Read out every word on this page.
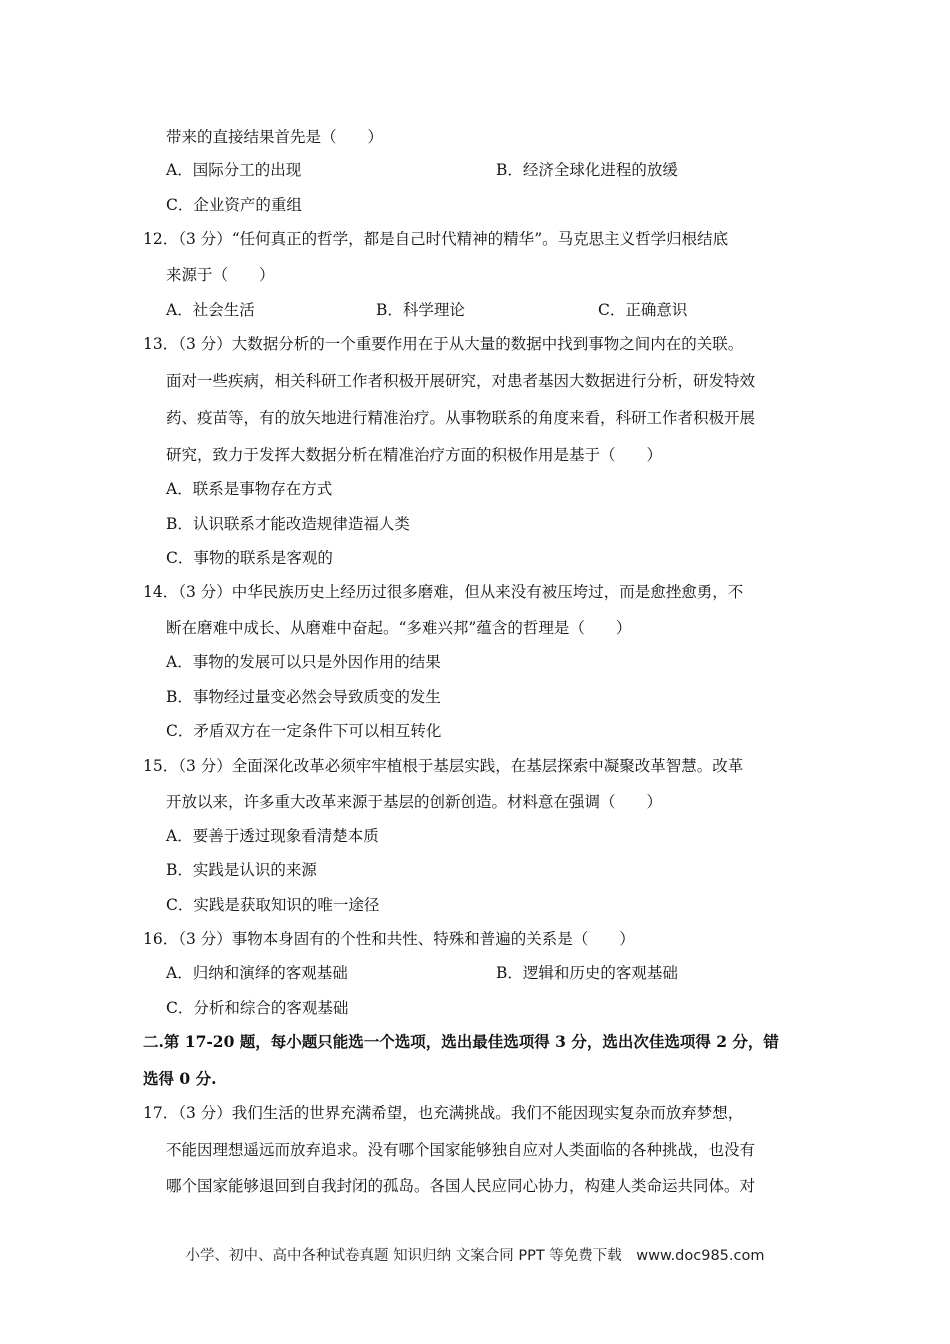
带来的直接结果首先是（　　）
A．国际分工的出现	B．经济全球化进程的放缓
C．企业资产的重组
12．（3 分）“任何真正的哲学，都是自己时代精神的精华”。马克思主义哲学归根结底
来源于（　　）
A．社会生活	B．科学理论	C．正确意识
13．（3 分）大数据分析的一个重要作用在于从大量的数据中找到事物之间内在的关联。
面对一些疾病，相关科研工作者积极开展研究，对患者基因大数据进行分析，研发特效
药、疫苗等，有的放矢地进行精准治疗。从事物联系的角度来看，科研工作者积极开展
研究，致力于发挥大数据分析在精准治疗方面的积极作用是基于（　　）
A．联系是事物存在方式
B．认识联系才能改造规律造福人类
C．事物的联系是客观的
14．（3 分）中华民族历史上经历过很多磨难，但从来没有被压垮过，而是愈挫愈勇，不
断在磨难中成长、从磨难中奋起。“多难兴邦”蕴含的哲理是（　　）
A．事物的发展可以只是外因作用的结果
B．事物经过量变必然会导致质变的发生
C．矛盾双方在一定条件下可以相互转化
15．（3 分）全面深化改革必须牢牢植根于基层实践，在基层探索中凝聚改革智慧。改革
开放以来，许多重大改革来源于基层的创新创造。材料意在强调（　　）
A．要善于透过现象看清楚本质
B．实践是认识的来源
C．实践是获取知识的唯一途径
16．（3 分）事物本身固有的个性和共性、特殊和普遍的关系是（　　）
A．归纳和演绎的客观基础	B．逻辑和历史的客观基础
C．分析和综合的客观基础
二.第 17-20 题，每小题只能选一个选项，选出最佳选项得 3 分，选出次佳选项得 2 分，错
选得 0 分.
17．（3 分）我们生活的世界充满希望，也充满挑战。我们不能因现实复杂而放弃梦想，
不能因理想遥远而放弃追求。没有哪个国家能够独自应对人类面临的各种挑战，也没有
哪个国家能够退回到自我封闭的孤岛。各国人民应同心协力，构建人类命运共同体。对
小学、初中、高中各种试卷真题 知识归纳 文案合同 PPT 等免费下载　www.doc985.com
